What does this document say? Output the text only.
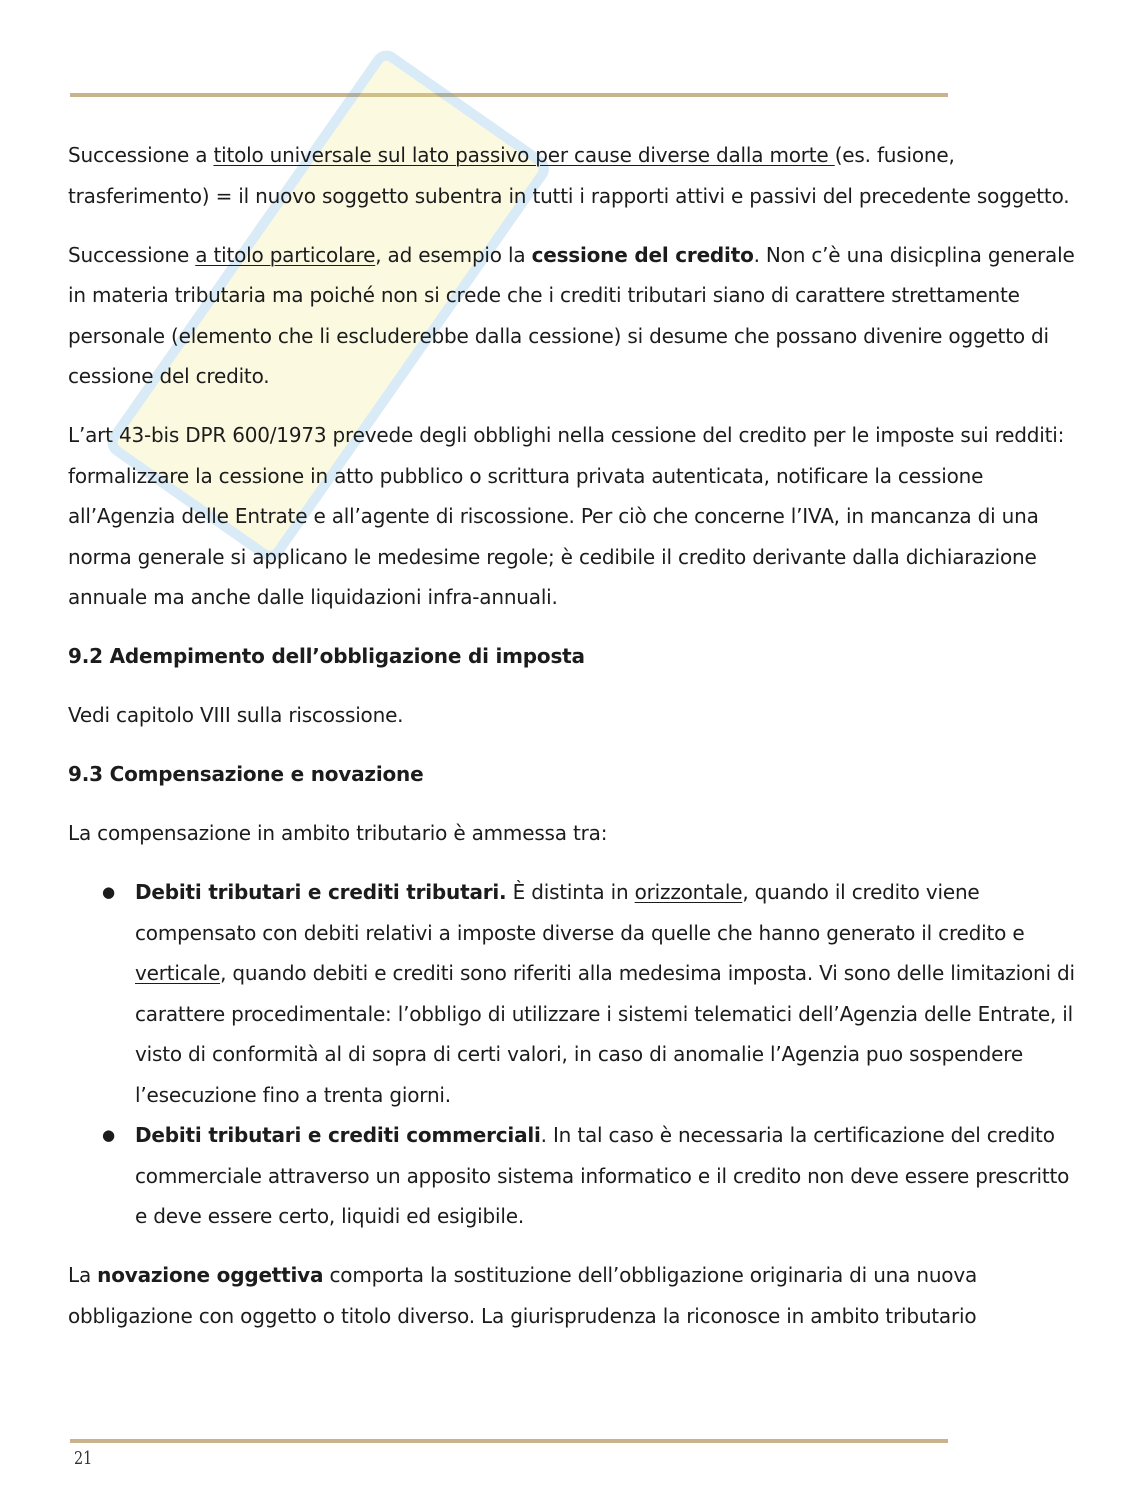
Successione a titolo universale sul lato passivo per cause diverse dalla morte (es. fusione, trasferimento) = il nuovo soggetto subentra in tutti i rapporti attivi e passivi del precedente soggetto.

Successione a titolo particolare, ad esempio la cessione del credito. Non c’è una disicplina generale in materia tributaria ma poiché non si crede che i crediti tributari siano di carattere strettamente personale (elemento che li escluderebbe dalla cessione) si desume che possano divenire oggetto di cessione del credito.

L’art 43-bis DPR 600/1973 prevede degli obblighi nella cessione del credito per le imposte sui redditi: formalizzare la cessione in atto pubblico o scrittura privata autenticata, notificare la cessione all’Agenzia delle Entrate e all’agente di riscossione. Per ciò che concerne l’IVA, in mancanza di una norma generale si applicano le medesime regole; è cedibile il credito derivante dalla dichiarazione annuale ma anche dalle liquidazioni infra-annuali.

9.2 Adempimento dell’obbligazione di imposta

Vedi capitolo VIII sulla riscossione.

9.3 Compensazione e novazione

La compensazione in ambito tributario è ammessa tra:

● Debiti tributari e crediti tributari. È distinta in orizzontale, quando il credito viene compensato con debiti relativi a imposte diverse da quelle che hanno generato il credito e verticale, quando debiti e crediti sono riferiti alla medesima imposta. Vi sono delle limitazioni di carattere procedimentale: l’obbligo di utilizzare i sistemi telematici dell’Agenzia delle Entrate, il visto di conformità al di sopra di certi valori, in caso di anomalie l’Agenzia puo sospendere l’esecuzione fino a trenta giorni.
● Debiti tributari e crediti commerciali. In tal caso è necessaria la certificazione del credito commerciale attraverso un apposito sistema informatico e il credito non deve essere prescritto e deve essere certo, liquidi ed esigibile.

La novazione oggettiva comporta la sostituzione dell’obbligazione originaria di una nuova obbligazione con oggetto o titolo diverso. La giurisprudenza la riconosce in ambito tributario

21
